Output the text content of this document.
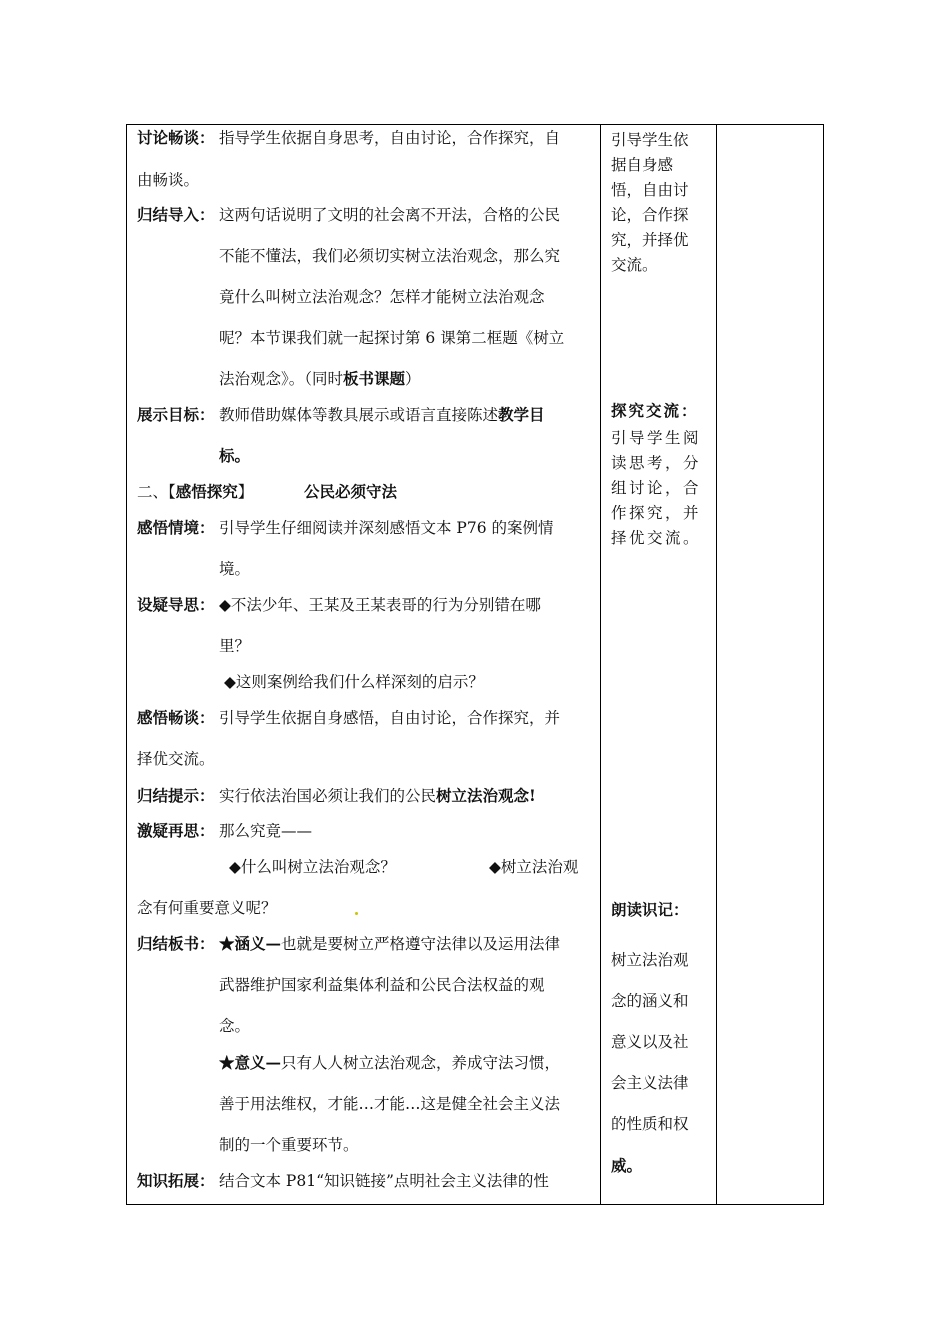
讨论畅谈： 指导学生依据自身思考，自由讨论，合作探究，自
由畅谈。
归结导入： 这两句话说明了文明的社会离不开法，合格的公民
不能不懂法，我们必须切实树立法治观念，那么究
竟什么叫树立法治观念？怎样才能树立法治观念
呢？本节课我们就一起探讨第 6 课第二框题《树立
法治观念》。（同时板书课题）
展示目标： 教师借助媒体等教具展示或语言直接陈述教学目
标。
二、【感悟探究】	公民必须守法
感悟情境： 引导学生仔细阅读并深刻感悟文本 P76 的案例情
境。
设疑导思： ◆不法少年、王某及王某表哥的行为分别错在哪
里？
◆这则案例给我们什么样深刻的启示？
感悟畅谈： 引导学生依据自身感悟，自由讨论，合作探究，并
择优交流。
归结提示： 实行依法治国必须让我们的公民树立法治观念!
激疑再思： 那么究竟——
◆什么叫树立法治观念？	◆树立法治观
念有何重要意义呢？
归结板书： ★涵义—也就是要树立严格遵守法律以及运用法律
武器维护国家利益集体利益和公民合法权益的观
念。
★意义—只有人人树立法治观念，养成守法习惯，
善于用法维权，才能…才能…这是健全社会主义法
制的一个重要环节。
知识拓展： 结合文本 P81“知识链接”点明社会主义法律的性
引导学生依
据自身感
悟，自由讨
论，合作探
究，并择优
交流。
探究交流：
引导学生阅
读思考，分
组讨论，合
作探究，并
择优交流。
朗读识记：
树立法治观
念的涵义和
意义以及社
会主义法律
的性质和权
威。
